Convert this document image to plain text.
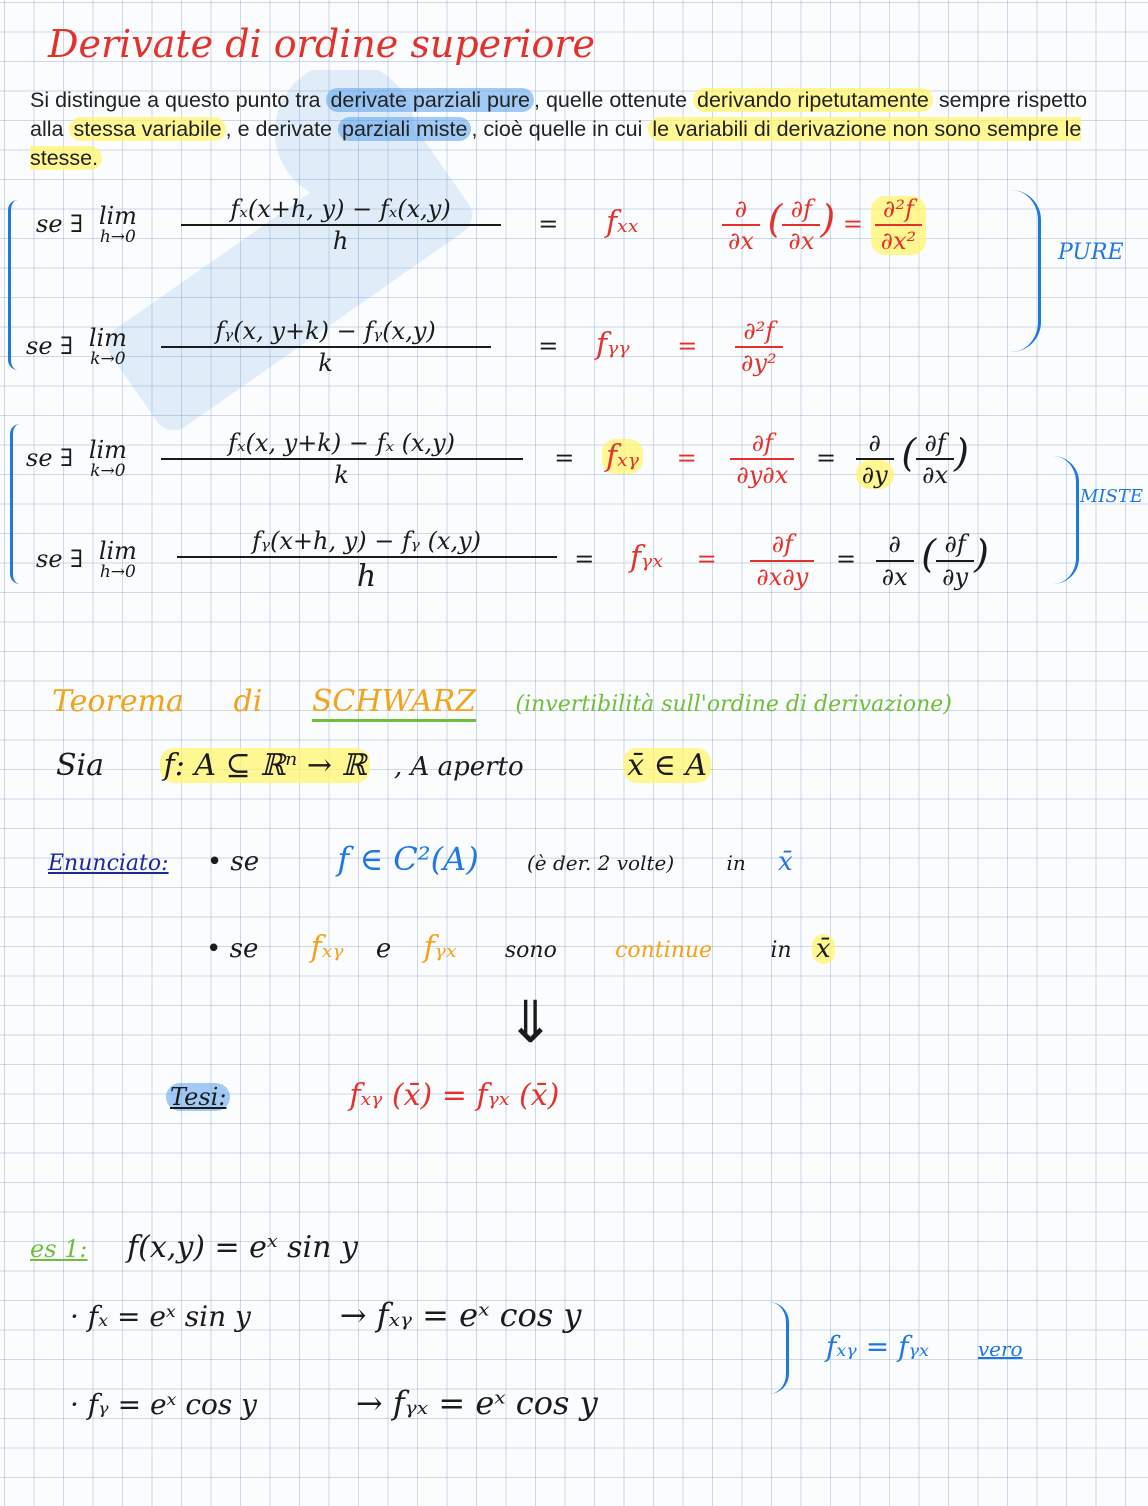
Derivate di ordine superiore
Si distingue a questo punto tra derivate parziali pure , quelle ottenute derivando ripetutamente sempre rispetto alla stessa variabile , e derivate parziali miste , cioè quelle in cui le variabili di derivazione non sono sempre le stesse.
se ∃ lim
h→0
$\frac{\text{fₓ(x+h, y) − fₓ(x,y)}}{h} = f_{xx}$	$\frac{\partial}{\partial x}$ ( $\frac{\partial f}{\partial x}$ ) = $\frac{\text{∂²f}}{\text{∂x²}}$
se ∃ lim
k→0
$\frac{\text{fᵧ(x, y+k) − fᵧ(x,y)}}{k}$ = fᵧᵧ = $\frac{\text{∂²f}}{\text{∂y²}}$
PURE
se ∃ lim
k→0
$\frac{\text{fₓ(x, y+k) − fₓ (x,y)}}{k}$ = fₓᵧ = $\frac{\partial f}{\partial y\partial x} = \frac{\partial}{\partial y}$ ( $\frac{\partial f}{\partial x}$ )
se ∃ lim
h→0
$\frac{\text{fᵧ(x+h, y) − fᵧ (x,y)}}{h}$ = fᵧₓ = $\frac{\partial f}{\partial x\partial y} = \frac{\partial}{\partial x}$ ( $\frac{\partial f}{\partial y}$ )
MISTE
Teorema di SCHWARZ (invertibilità sull'ordine di derivazione)
Sia f: A ⊆ ℝⁿ → ℝ , A aperto	x̄ ∈ A
Enunciato: • se f ∈ C²(A) (è der. 2 volte)	in x̄
• se fₓᵧ e fᵧₓ sono	continue	in x̄
⇓
Tesi:	fₓᵧ (x̄) = fᵧₓ (x̄)
es 1: f(x,y) = eˣ sin y
· fₓ = eˣ sin y	→ fₓᵧ = eˣ cos y
· fᵧ = eˣ cos y	→ fᵧₓ = eˣ cos y
fₓᵧ = fᵧₓ vero
